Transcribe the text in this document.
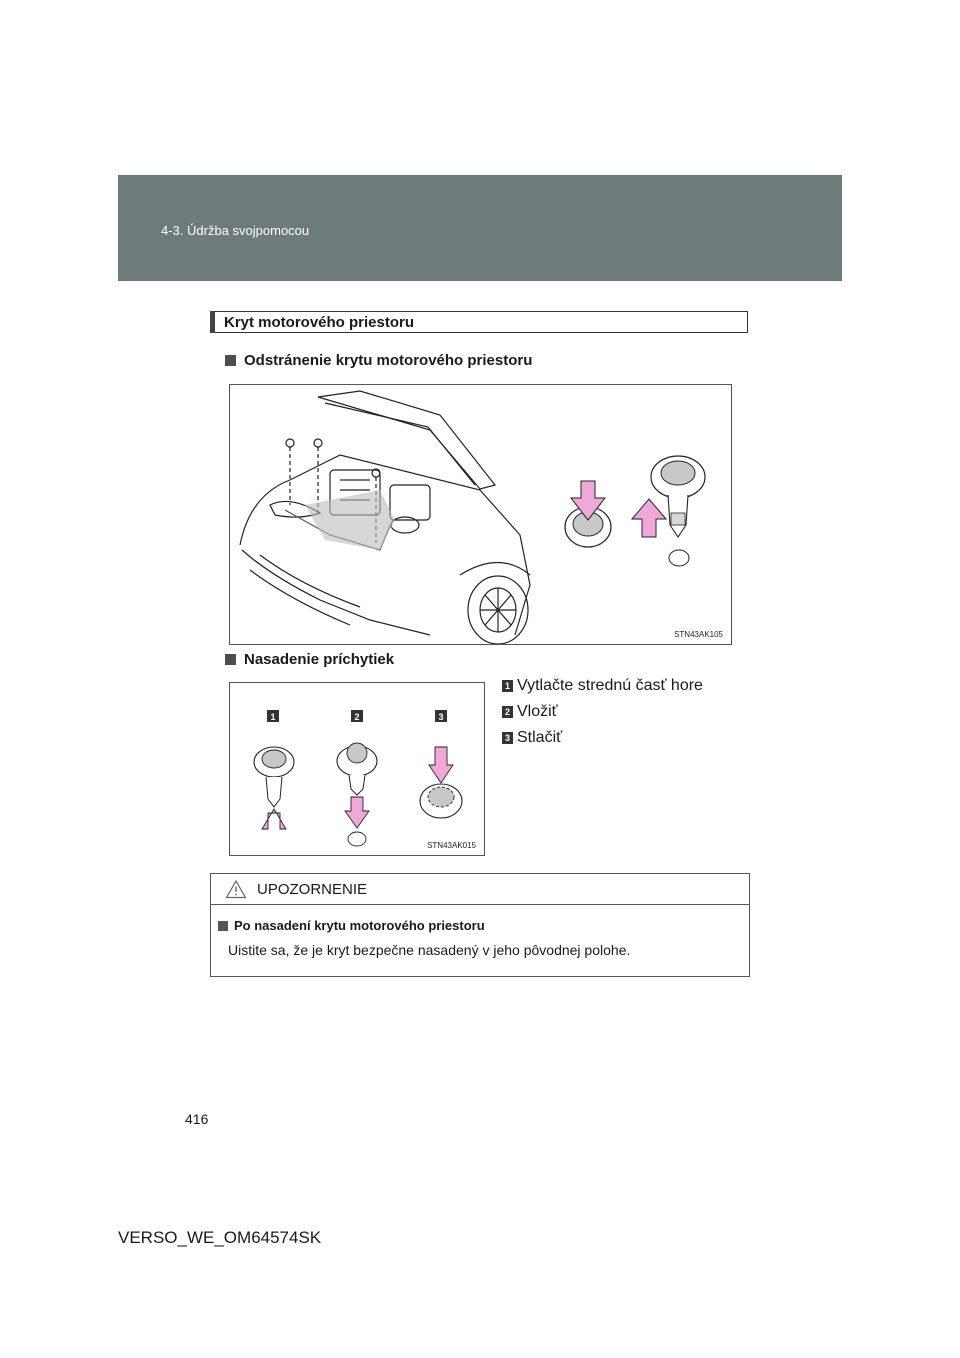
4-3. Údržba svojpomocou
Kryt motorového priestoru
Odstránenie krytu motorového priestoru
STN43AK105
Nasadenie príchytiek
1	2	3
STN43AK015
1 Vytlačte strednú časť hore
2 Vložiť
3 Stlačiť
UPOZORNENIE
Po nasadení krytu motorového priestoru
Uistite sa, že je kryt bezpečne nasadený v jeho pôvodnej polohe.
416
VERSO_WE_OM64574SK
